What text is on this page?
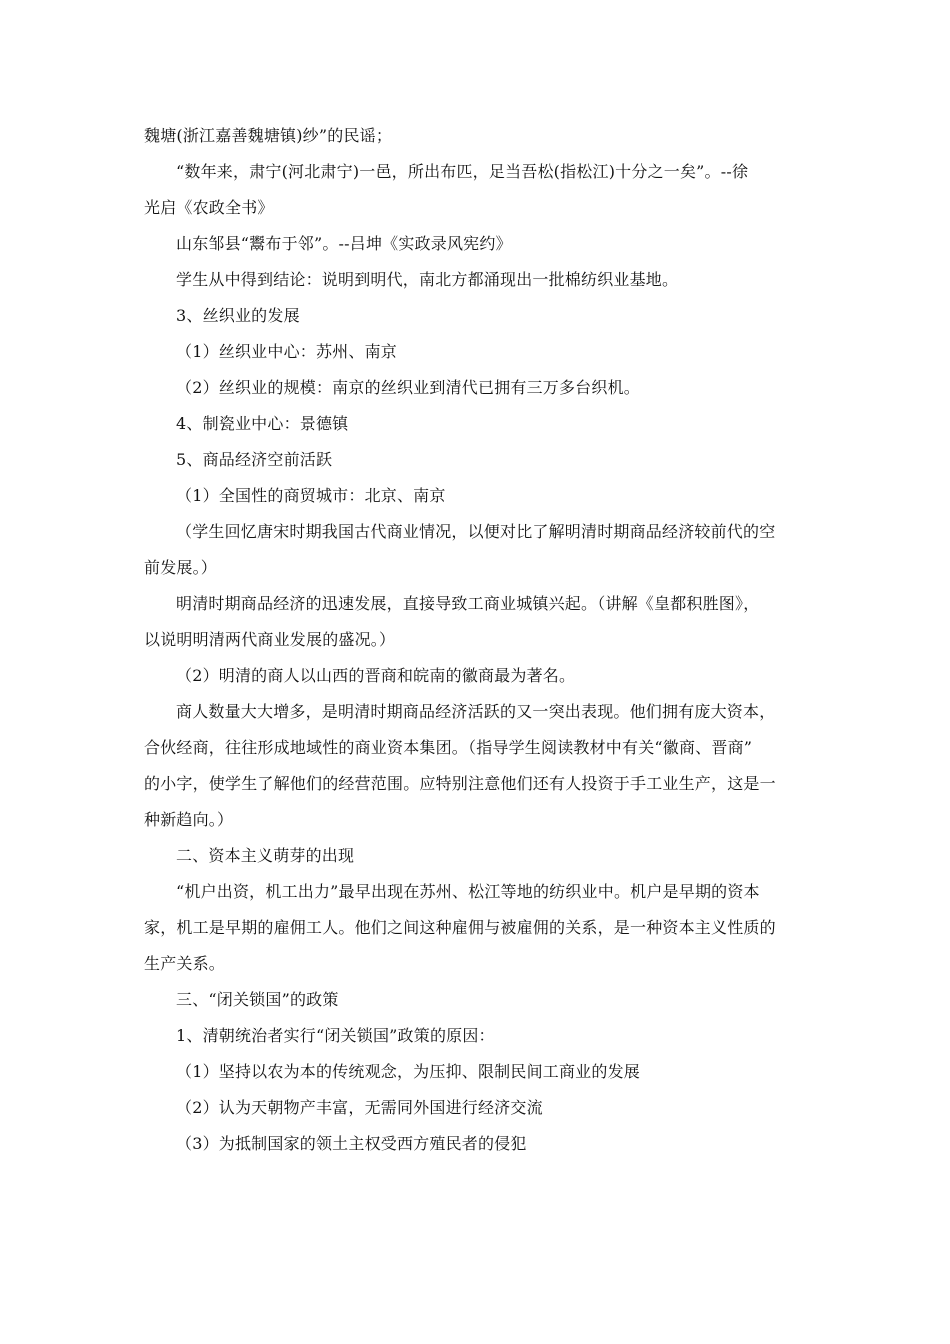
魏塘(浙江嘉善魏塘镇)纱”的民谣；

“数年来，肃宁(河北肃宁)一邑，所出布匹，足当吾松(指松江)十分之一矣”。--徐

光启《农政全书》

山东邹县“鬻布于邻”。--吕坤《实政录风宪约》

学生从中得到结论：说明到明代，南北方都涌现出一批棉纺织业基地。

3、丝织业的发展

（1）丝织业中心：苏州、南京

（2）丝织业的规模：南京的丝织业到清代已拥有三万多台织机。

4、制瓷业中心：景德镇

5、商品经济空前活跃

（1）全国性的商贸城市：北京、南京

（学生回忆唐宋时期我国古代商业情况，以便对比了解明清时期商品经济较前代的空

前发展。）

明清时期商品经济的迅速发展，直接导致工商业城镇兴起。（讲解《皇都积胜图》，

以说明明清两代商业发展的盛况。）

（2）明清的商人以山西的晋商和皖南的徽商最为著名。

商人数量大大增多，是明清时期商品经济活跃的又一突出表现。他们拥有庞大资本，

合伙经商，往往形成地域性的商业资本集团。（指导学生阅读教材中有关“徽商、晋商”

的小字，使学生了解他们的经营范围。应特别注意他们还有人投资于手工业生产，这是一

种新趋向。）

二、资本主义萌芽的出现

“机户出资，机工出力”最早出现在苏州、松江等地的纺织业中。机户是早期的资本

家，机工是早期的雇佣工人。他们之间这种雇佣与被雇佣的关系，是一种资本主义性质的

生产关系。

三、“闭关锁国”的政策

1、清朝统治者实行“闭关锁国”政策的原因：

（1）坚持以农为本的传统观念，为压抑、限制民间工商业的发展

（2）认为天朝物产丰富，无需同外国进行经济交流

（3）为抵制国家的领土主权受西方殖民者的侵犯
